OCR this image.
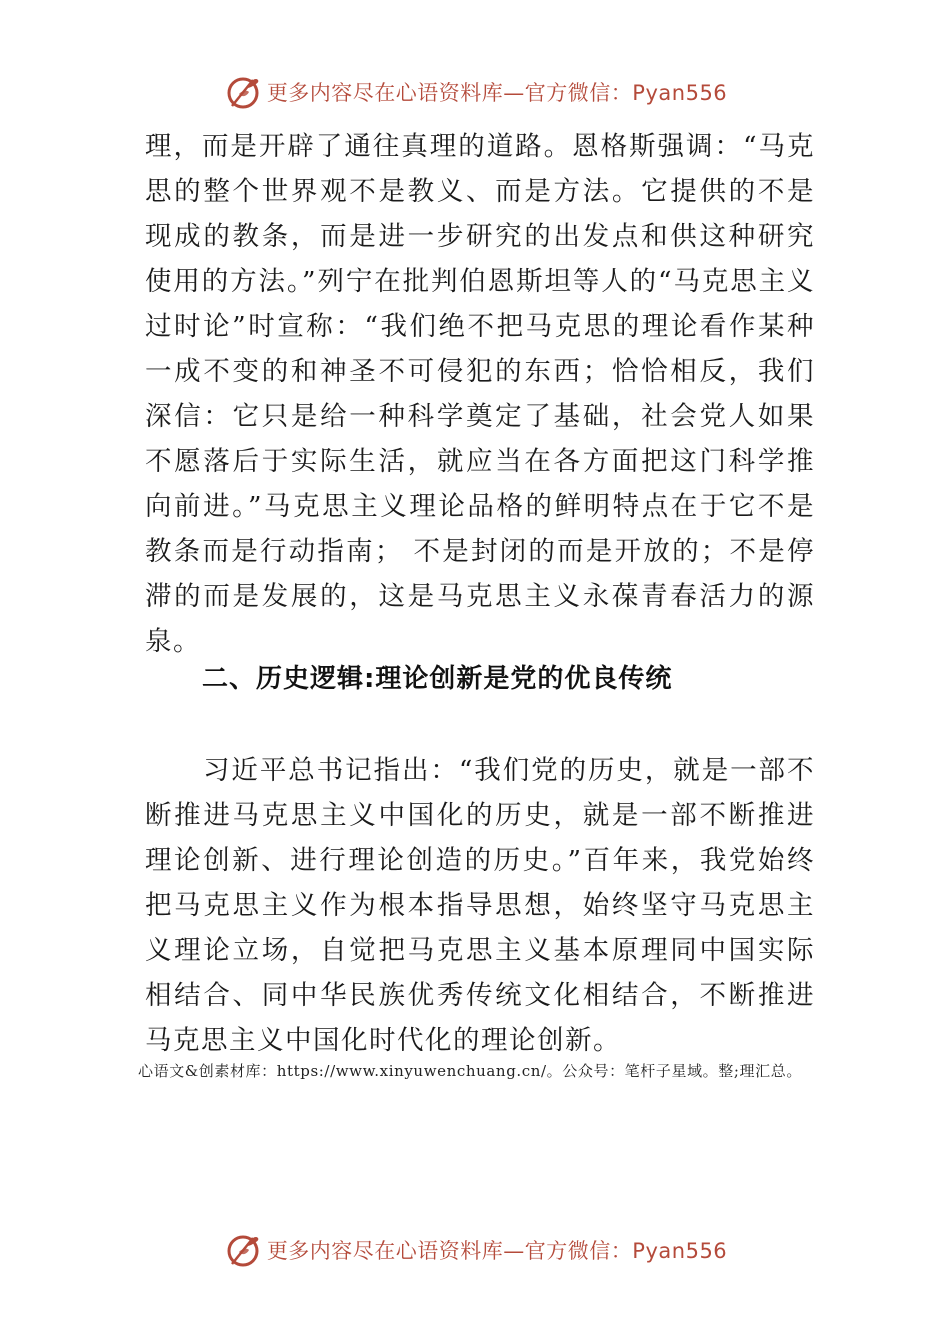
更多内容尽在心语资料库—官方微信：Pyan556

理，而是开辟了通往真理的道路。恩格斯强调：“马克思的整个世界观不是教义、而是方法。它提供的不是现成的教条，而是进一步研究的出发点和供这种研究使用的方法。”列宁在批判伯恩斯坦等人的“马克思主义过时论”时宣称：“我们绝不把马克思的理论看作某种一成不变的和神圣不可侵犯的东西；恰恰相反，我们深信：它只是给一种科学奠定了基础，社会党人如果不愿落后于实际生活，就应当在各方面把这门科学推向前进。”马克思主义理论品格的鲜明特点在于它不是教条而是行动指南； 不是封闭的而是开放的；不是停滞的而是发展的，这是马克思主义永葆青春活力的源泉。

二、历史逻辑:理论创新是党的优良传统

习近平总书记指出：“我们党的历史，就是一部不断推进马克思主义中国化的历史，就是一部不断推进理论创新、进行理论创造的历史。”百年来，我党始终把马克思主义作为根本指导思想，始终坚守马克思主义理论立场，自觉把马克思主义基本原理同中国实际相结合、同中华民族优秀传统文化相结合，不断推进马克思主义中国化时代化的理论创新。

心语文&创素材库：https://www.xinyuwenchuang.cn/。公众号：笔杆子星域。整;理汇总。

更多内容尽在心语资料库—官方微信：Pyan556
